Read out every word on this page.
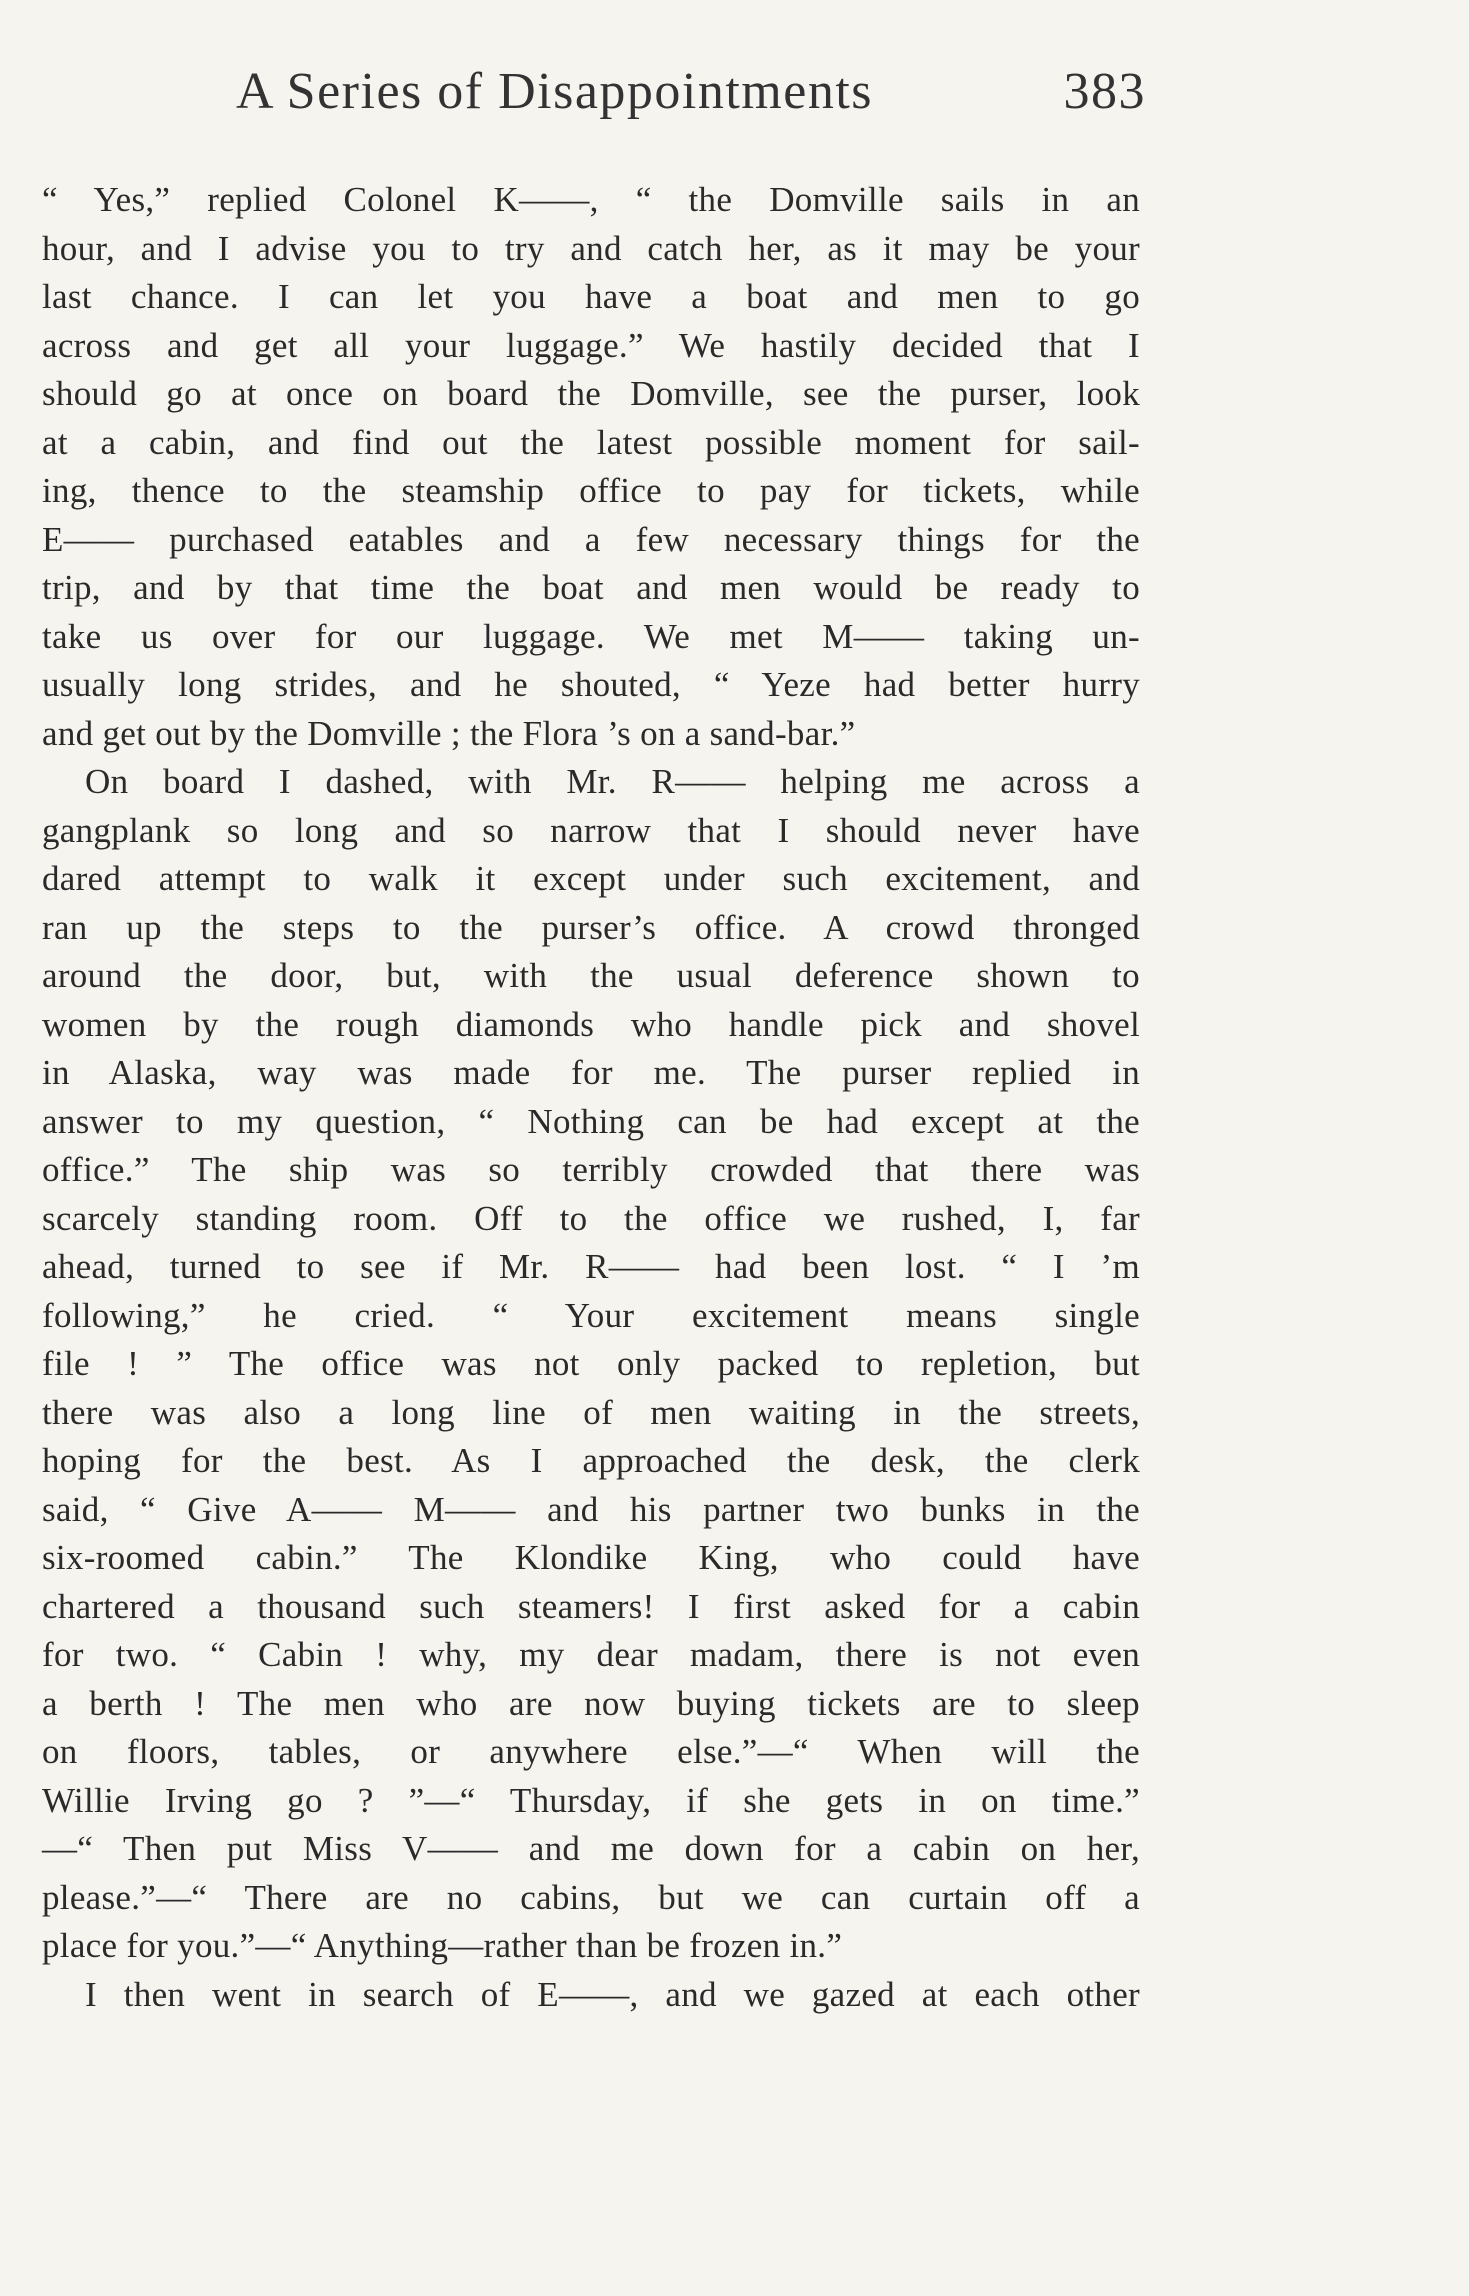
A Series of Disappointments	383
“ Yes,” replied Colonel K——, “ the Domville sails in an
hour, and I advise you to try and catch her, as it may be your
last chance. I can let you have a boat and men to go
across and get all your luggage.” We hastily decided that I
should go at once on board the Domville, see the purser, look
at a cabin, and find out the latest possible moment for sail-
ing, thence to the steamship office to pay for tickets, while
E—— purchased eatables and a few necessary things for the
trip, and by that time the boat and men would be ready to
take us over for our luggage. We met M—— taking un-
usually long strides, and he shouted, “ Yeze had better hurry
and get out by the Domville ; the Flora ’s on a sand-bar.”
On board I dashed, with Mr. R—— helping me across a
gangplank so long and so narrow that I should never have
dared attempt to walk it except under such excitement, and
ran up the steps to the purser’s office. A crowd thronged
around the door, but, with the usual deference shown to
women by the rough diamonds who handle pick and shovel
in Alaska, way was made for me. The purser replied in
answer to my question, “ Nothing can be had except at the
office.” The ship was so terribly crowded that there was
scarcely standing room. Off to the office we rushed, I, far
ahead, turned to see if Mr. R—— had been lost. “ I ’m
following,” he cried. “ Your excitement means single
file ! ” The office was not only packed to repletion, but
there was also a long line of men waiting in the streets,
hoping for the best. As I approached the desk, the clerk
said, “ Give A—— M—— and his partner two bunks in the
six-roomed cabin.” The Klondike King, who could have
chartered a thousand such steamers! I first asked for a cabin
for two. “ Cabin ! why, my dear madam, there is not even
a berth ! The men who are now buying tickets are to sleep
on floors, tables, or anywhere else.”—“ When will the
Willie Irving go ? ”—“ Thursday, if she gets in on time.”
—“ Then put Miss V—— and me down for a cabin on her,
please.”—“ There are no cabins, but we can curtain off a
place for you.”—“ Anything—rather than be frozen in.”
I then went in search of E——, and we gazed at each other
